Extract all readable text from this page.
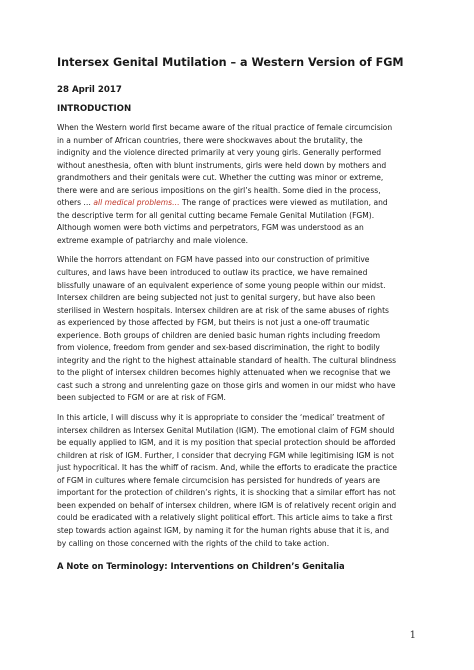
Intersex Genital Mutilation – a Western Version of FGM
28 April 2017
INTRODUCTION
When the Western world first became aware of the ritual practice of female circumcision
in a number of African countries, there were shockwaves about the brutality, the
indignity and the violence directed primarily at very young girls. Generally performed
without anesthesia, often with blunt instruments, girls were held down by mothers and
grandmothers and their genitals were cut. Whether the cutting was minor or extreme,
there were and are serious impositions on the girl’s health. Some died in the process,
others … all medical problems… The range of practices were viewed as mutilation, and
the descriptive term for all genital cutting became Female Genital Mutilation (FGM).
Although women were both victims and perpetrators, FGM was understood as an
extreme example of patriarchy and male violence.
While the horrors attendant on FGM have passed into our construction of primitive
cultures, and laws have been introduced to outlaw its practice, we have remained
blissfully unaware of an equivalent experience of some young people within our midst.
Intersex children are being subjected not just to genital surgery, but have also been
sterilised in Western hospitals. Intersex children are at risk of the same abuses of rights
as experienced by those affected by FGM, but theirs is not just a one-off traumatic
experience. Both groups of children are denied basic human rights including freedom
from violence, freedom from gender and sex-based discrimination, the right to bodily
integrity and the right to the highest attainable standard of health. The cultural blindness
to the plight of intersex children becomes highly attenuated when we recognise that we
cast such a strong and unrelenting gaze on those girls and women in our midst who have
been subjected to FGM or are at risk of FGM.
In this article, I will discuss why it is appropriate to consider the ‘medical’ treatment of
intersex children as Intersex Genital Mutilation (IGM). The emotional claim of FGM should
be equally applied to IGM, and it is my position that special protection should be afforded
children at risk of IGM. Further, I consider that decrying FGM while legitimising IGM is not
just hypocritical. It has the whiff of racism. And, while the efforts to eradicate the practice
of FGM in cultures where female circumcision has persisted for hundreds of years are
important for the protection of children’s rights, it is shocking that a similar effort has not
been expended on behalf of intersex children, where IGM is of relatively recent origin and
could be eradicated with a relatively slight political effort. This article aims to take a first
step towards action against IGM, by naming it for the human rights abuse that it is, and
by calling on those concerned with the rights of the child to take action.
A Note on Terminology: Interventions on Children’s Genitalia
1
